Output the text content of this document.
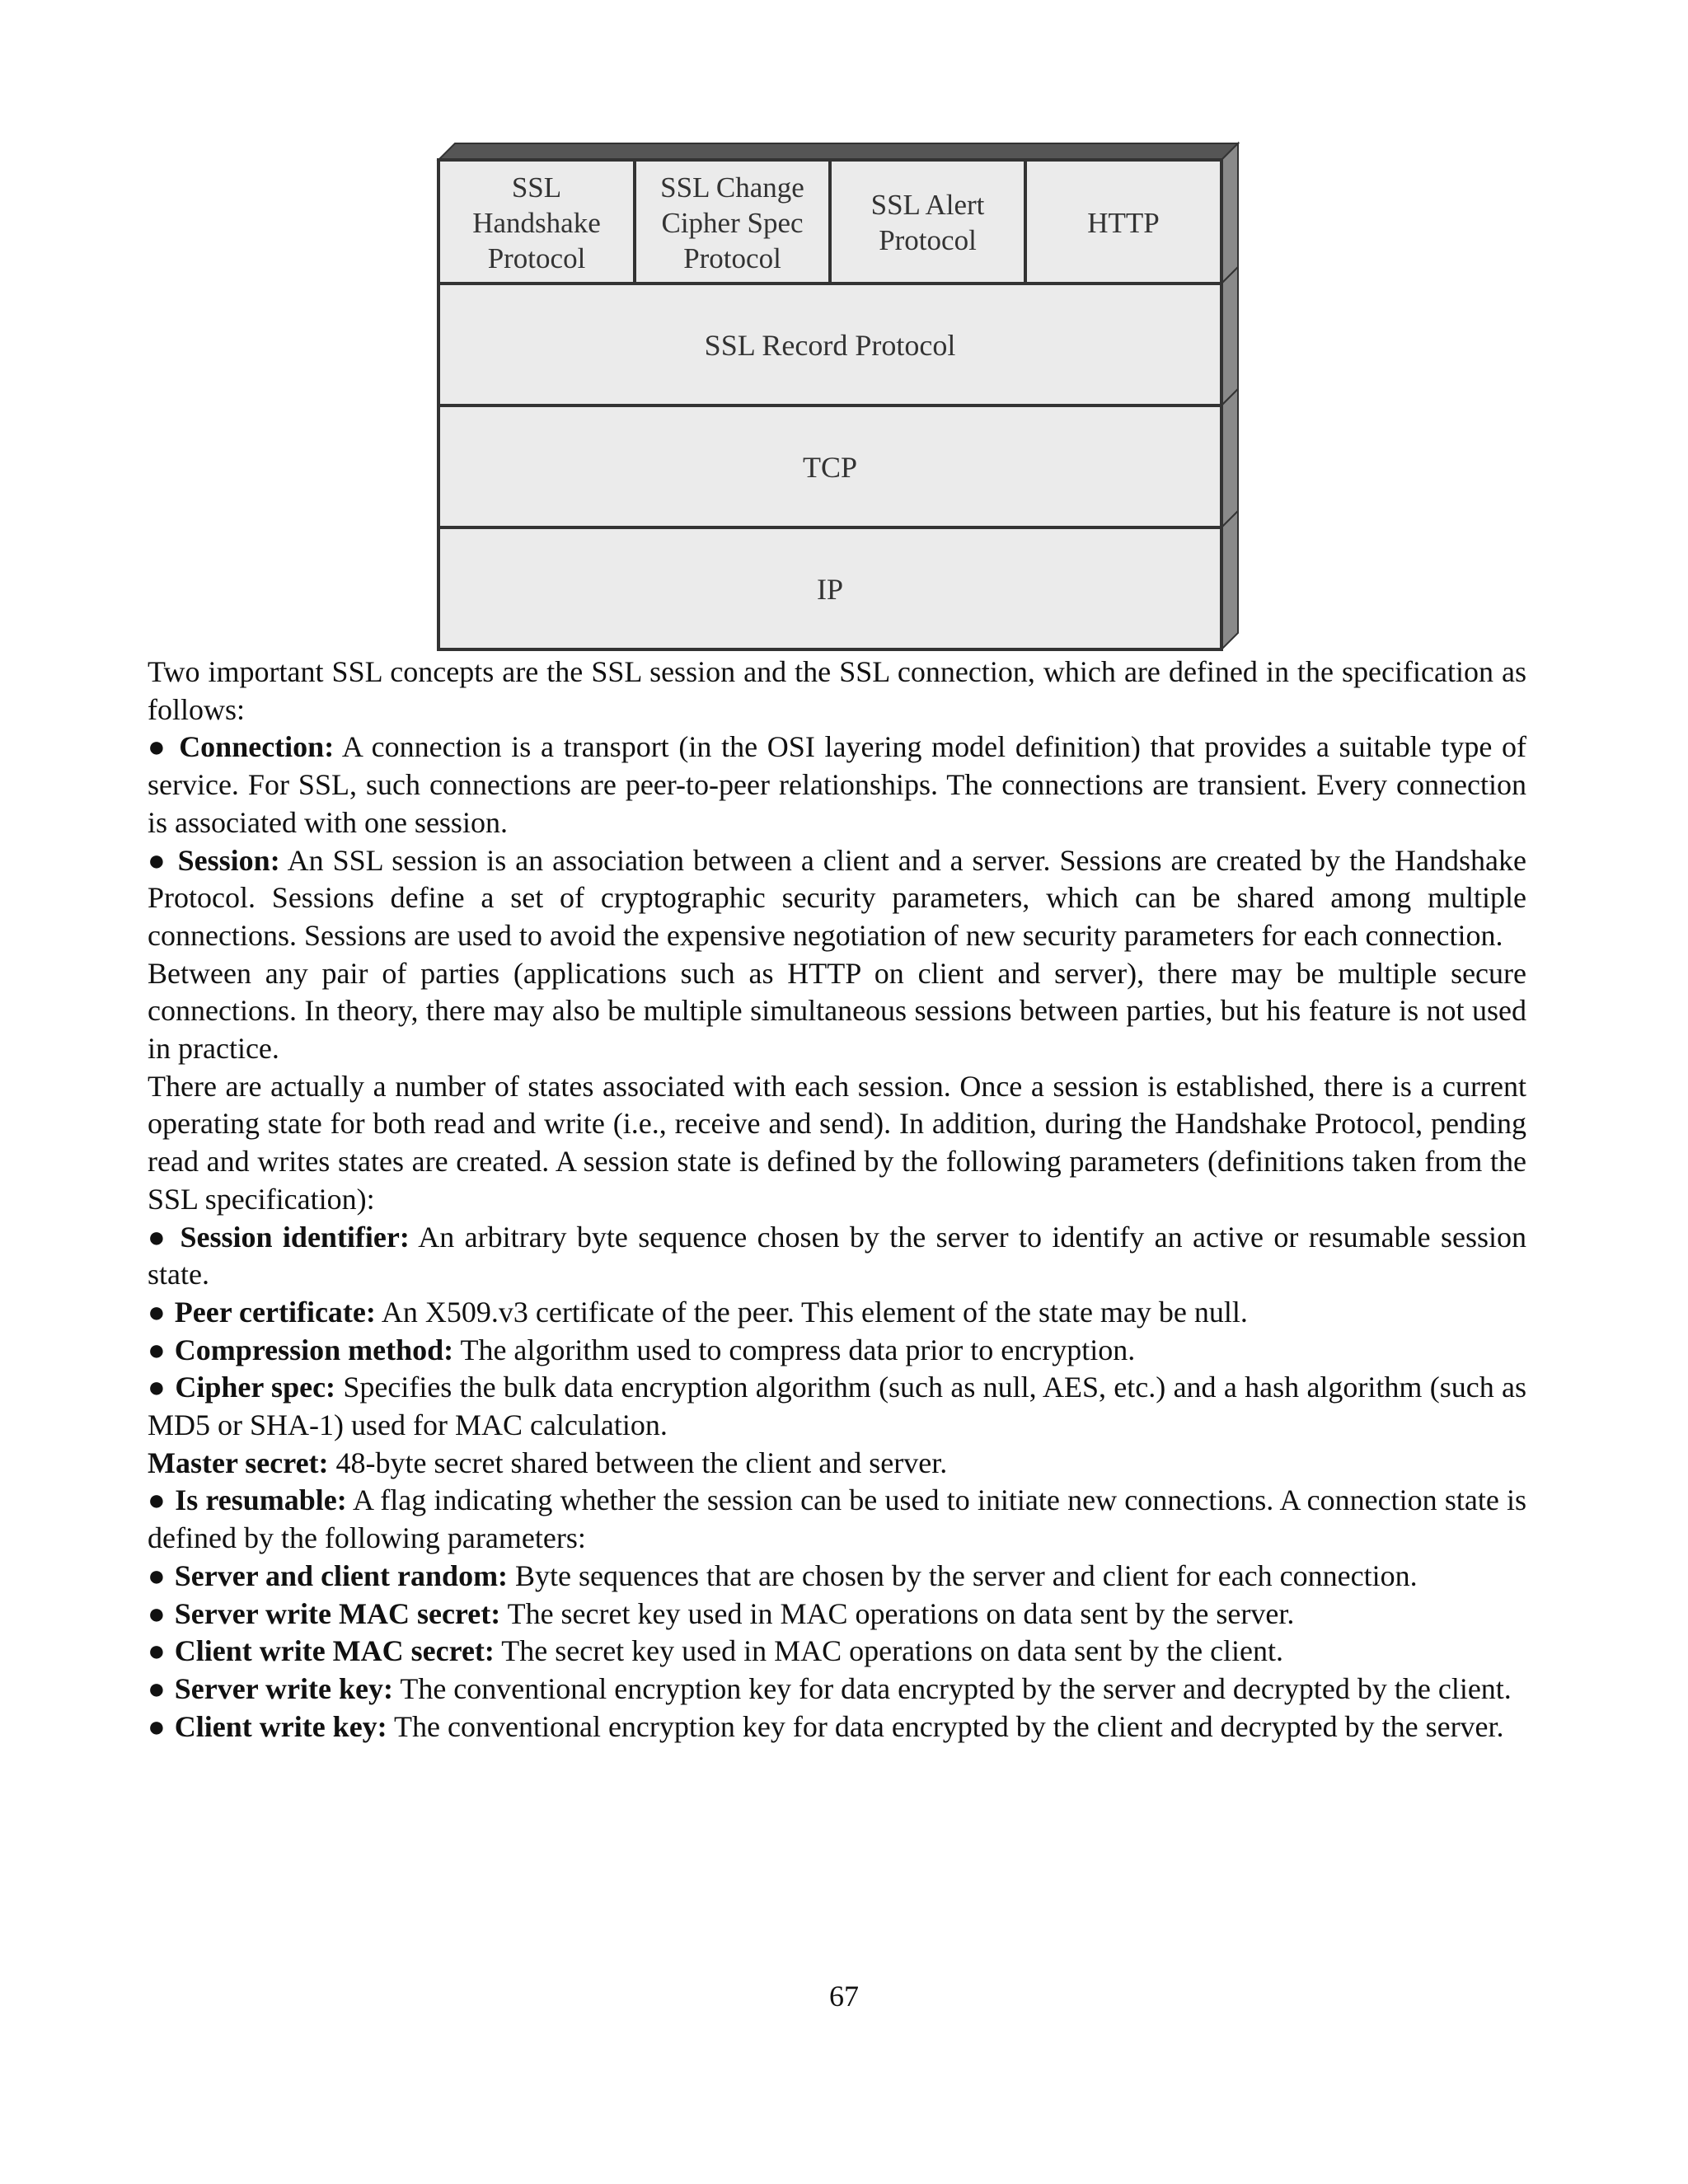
SSL
Handshake
Protocol
SSL Change
Cipher Spec
Protocol
SSL Alert
Protocol
HTTP
SSL Record Protocol
TCP
IP

Two important SSL concepts are the SSL session and the SSL connection, which are defined in the specification as follows:

● Connection: A connection is a transport (in the OSI layering model definition) that provides a suitable type of service. For SSL, such connections are peer-to-peer relationships. The connections are transient. Every connection is associated with one session.

● Session: An SSL session is an association between a client and a server. Sessions are created by the Handshake Protocol. Sessions define a set of cryptographic security parameters, which can be shared among multiple connections. Sessions are used to avoid the expensive negotiation of new security parameters for each connection.

Between any pair of parties (applications such as HTTP on client and server), there may be multiple secure connections. In theory, there may also be multiple simultaneous sessions between parties, but his feature is not used in practice.

There are actually a number of states associated with each session. Once a session is established, there is a current operating state for both read and write (i.e., receive and send). In addition, during the Handshake Protocol, pending read and writes states are created. A session state is defined by the following parameters (definitions taken from the SSL specification):

● Session identifier: An arbitrary byte sequence chosen by the server to identify an active or resumable session state.

● Peer certificate: An X509.v3 certificate of the peer. This element of the state may be null.

● Compression method: The algorithm used to compress data prior to encryption.

● Cipher spec: Specifies the bulk data encryption algorithm (such as null, AES, etc.) and a hash algorithm (such as MD5 or SHA-1) used for MAC calculation.

Master secret: 48-byte secret shared between the client and server.

● Is resumable: A flag indicating whether the session can be used to initiate new connections. A connection state is defined by the following parameters:

● Server and client random: Byte sequences that are chosen by the server and client for each connection.

● Server write MAC secret: The secret key used in MAC operations on data sent by the server.

● Client write MAC secret: The secret key used in MAC operations on data sent by the client.

● Server write key: The conventional encryption key for data encrypted by the server and decrypted by the client.

● Client write key: The conventional encryption key for data encrypted by the client and decrypted by the server.

67
